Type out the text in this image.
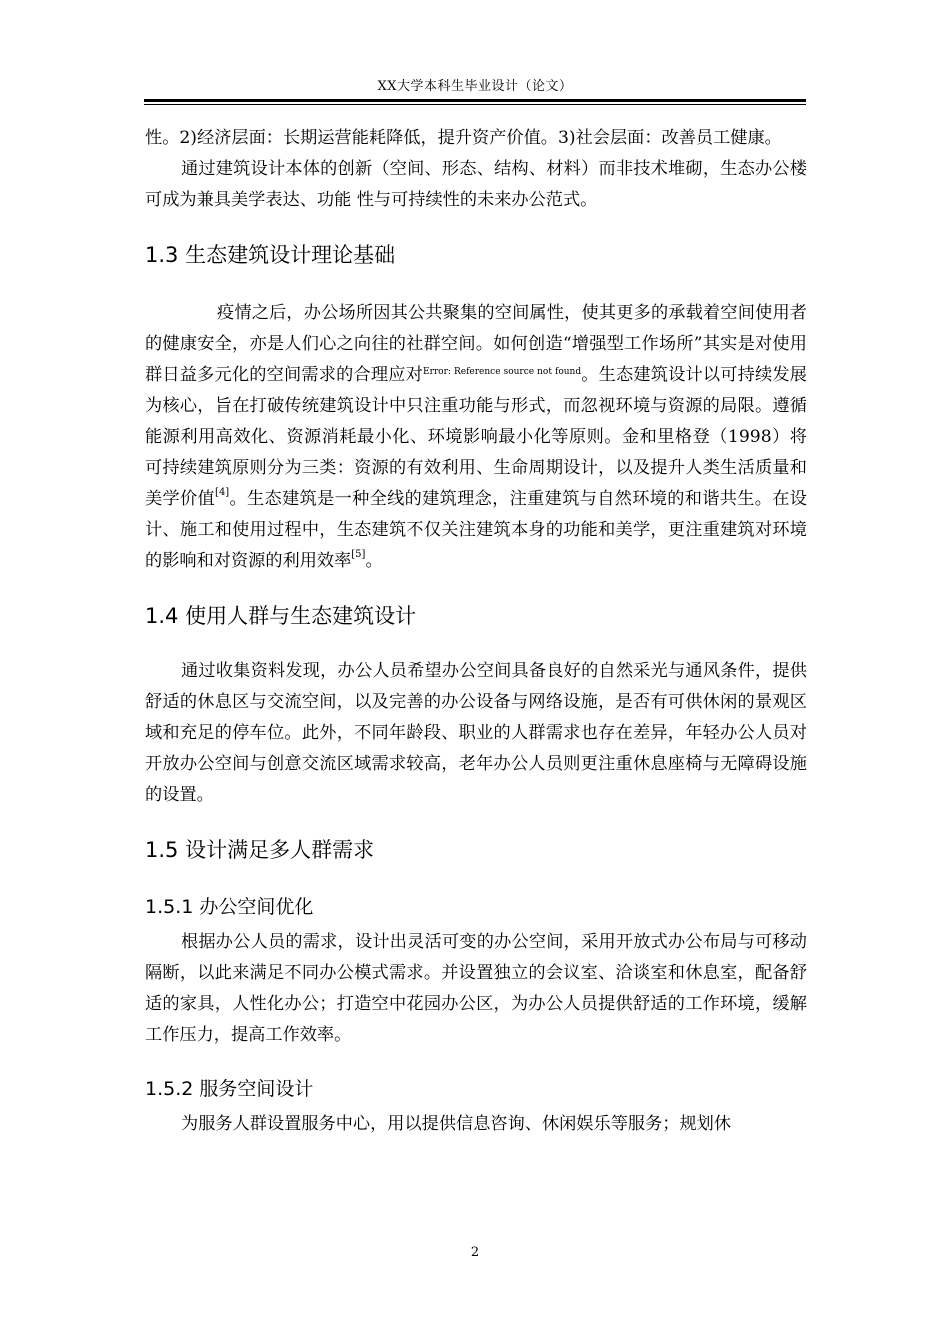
XX大学本科生毕业设计（论文）

性。2)经济层面：长期运营能耗降低，提升资产价值。3)社会层面：改善员工健康。

通过建筑设计本体的创新（空间、形态、结构、材料）而非技术堆砌，生态办公楼可成为兼具美学表达、功能 性与可持续性的未来办公范式。

1.3 生态建筑设计理论基础

疫情之后，办公场所因其公共聚集的空间属性，使其更多的承载着空间使用者的健康安全，亦是人们心之向往的社群空间。如何创造“增强型工作场所”其实是对使用群日益多元化的空间需求的合理应对$^{Error: Reference source not found}$。生态建筑设计以可持续发展为核心，旨在打破传统建筑设计中只注重功能与形式，而忽视环境与资源的局限。遵循能源利用高效化、资源消耗最小化、环境影响最小化等原则。金和里格登（1998）将可持续建筑原则分为三类：资源的有效利用、生命周期设计，以及提升人类生活质量和美学价值[4]。生态建筑是一种全线的建筑理念，注重建筑与自然环境的和谐共生。在设计、施工和使用过程中，生态建筑不仅关注建筑本身的功能和美学，更注重建筑对环境的影响和对资源的利用效率[5]。

1.4 使用人群与生态建筑设计

通过收集资料发现，办公人员希望办公空间具备良好的自然采光与通风条件，提供舒适的休息区与交流空间，以及完善的办公设备与网络设施，是否有可供休闲的景观区域和充足的停车位。此外，不同年龄段、职业的人群需求也存在差异，年轻办公人员对开放办公空间与创意交流区域需求较高，老年办公人员则更注重休息座椅与无障碍设施的设置。

1.5 设计满足多人群需求
1.5.1 办公空间优化

根据办公人员的需求，设计出灵活可变的办公空间，采用开放式办公布局与可移动隔断，以此来满足不同办公模式需求。并设置独立的会议室、洽谈室和休息室，配备舒适的家具，人性化办公；打造空中花园办公区，为办公人员提供舒适的工作环境，缓解工作压力，提高工作效率。

1.5.2 服务空间设计

为服务人群设置服务中心，用以提供信息咨询、休闲娱乐等服务；规划休

2
